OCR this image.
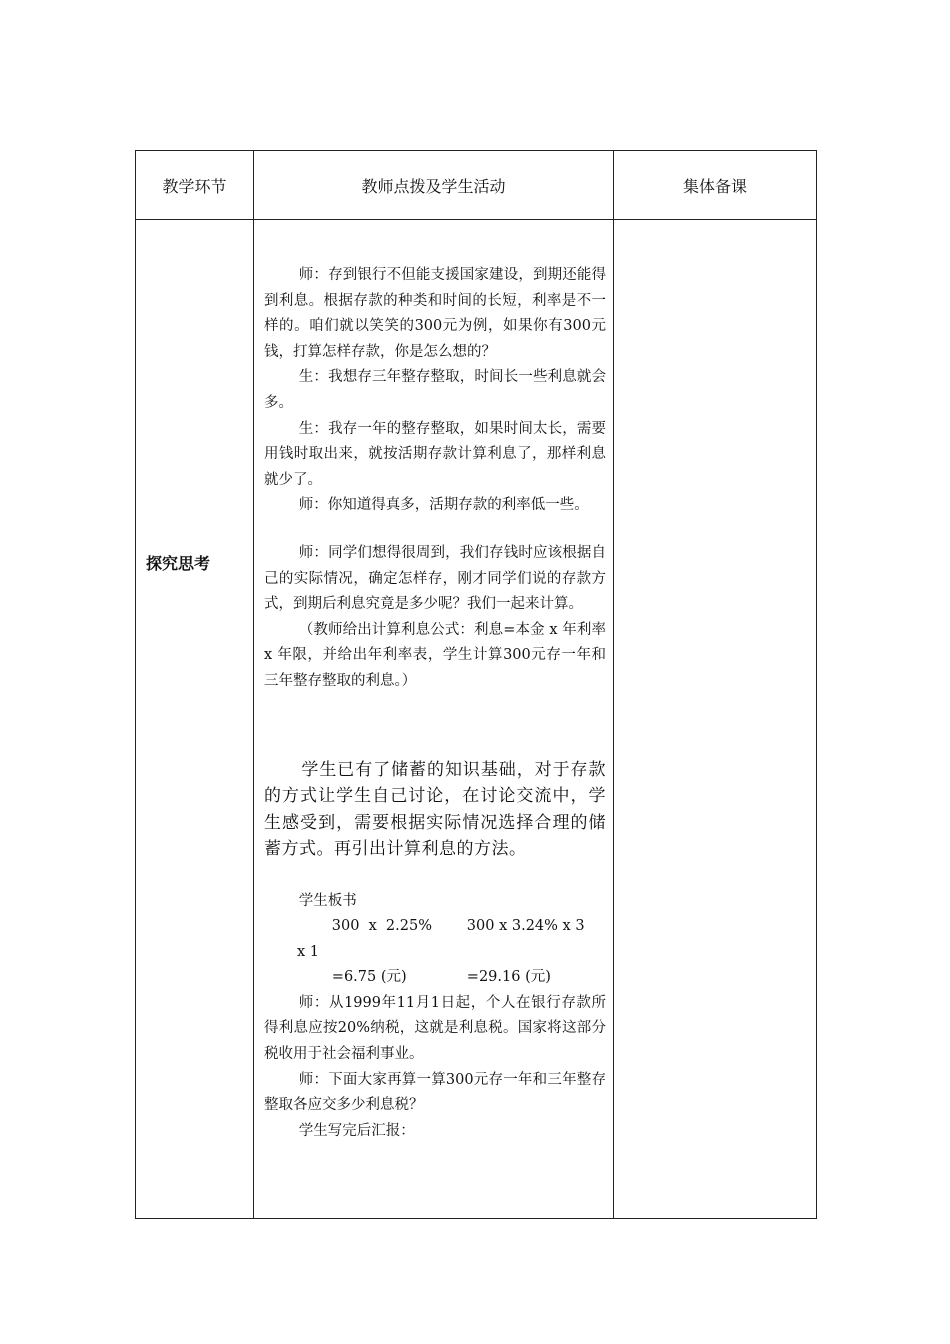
教学环节	教师点拨及学生活动	集体备课
探究思考

师：存到银行不但能支援国家建设，到期还能得到利息。根据存款的种类和时间的长短，利率是不一样的。咱们就以笑笑的300元为例，如果你有300元钱，打算怎样存款，你是怎么想的？

生：我想存三年整存整取，时间长一些利息就会多。

生：我存一年的整存整取，如果时间太长，需要用钱时取出来，就按活期存款计算利息了，那样利息就少了。

师：你知道得真多，活期存款的利率低一些。

师：同学们想得很周到，我们存钱时应该根据自己的实际情况，确定怎样存，刚才同学们说的存款方式，到期后利息究竟是多少呢？我们一起来计算。

（教师给出计算利息公式：利息=本金 x 年利率 x 年限，并给出年利率表，学生计算300元存一年和三年整存整取的利息。）

学生已有了储蓄的知识基础，对于存款的方式让学生自己讨论，在讨论交流中，学生感受到，需要根据实际情况选择合理的储蓄方式。再引出计算利息的方法。

学生板书

300 x 2.25% x 1
300 x 3.24% x 3

=6.75 (元)	=29.16 (元)

师：从1999年11月1日起，个人在银行存款所得利息应按20%纳税，这就是利息税。国家将这部分税收用于社会福利事业。

师：下面大家再算一算300元存一年和三年整存整取各应交多少利息税？

学生写完后汇报：
